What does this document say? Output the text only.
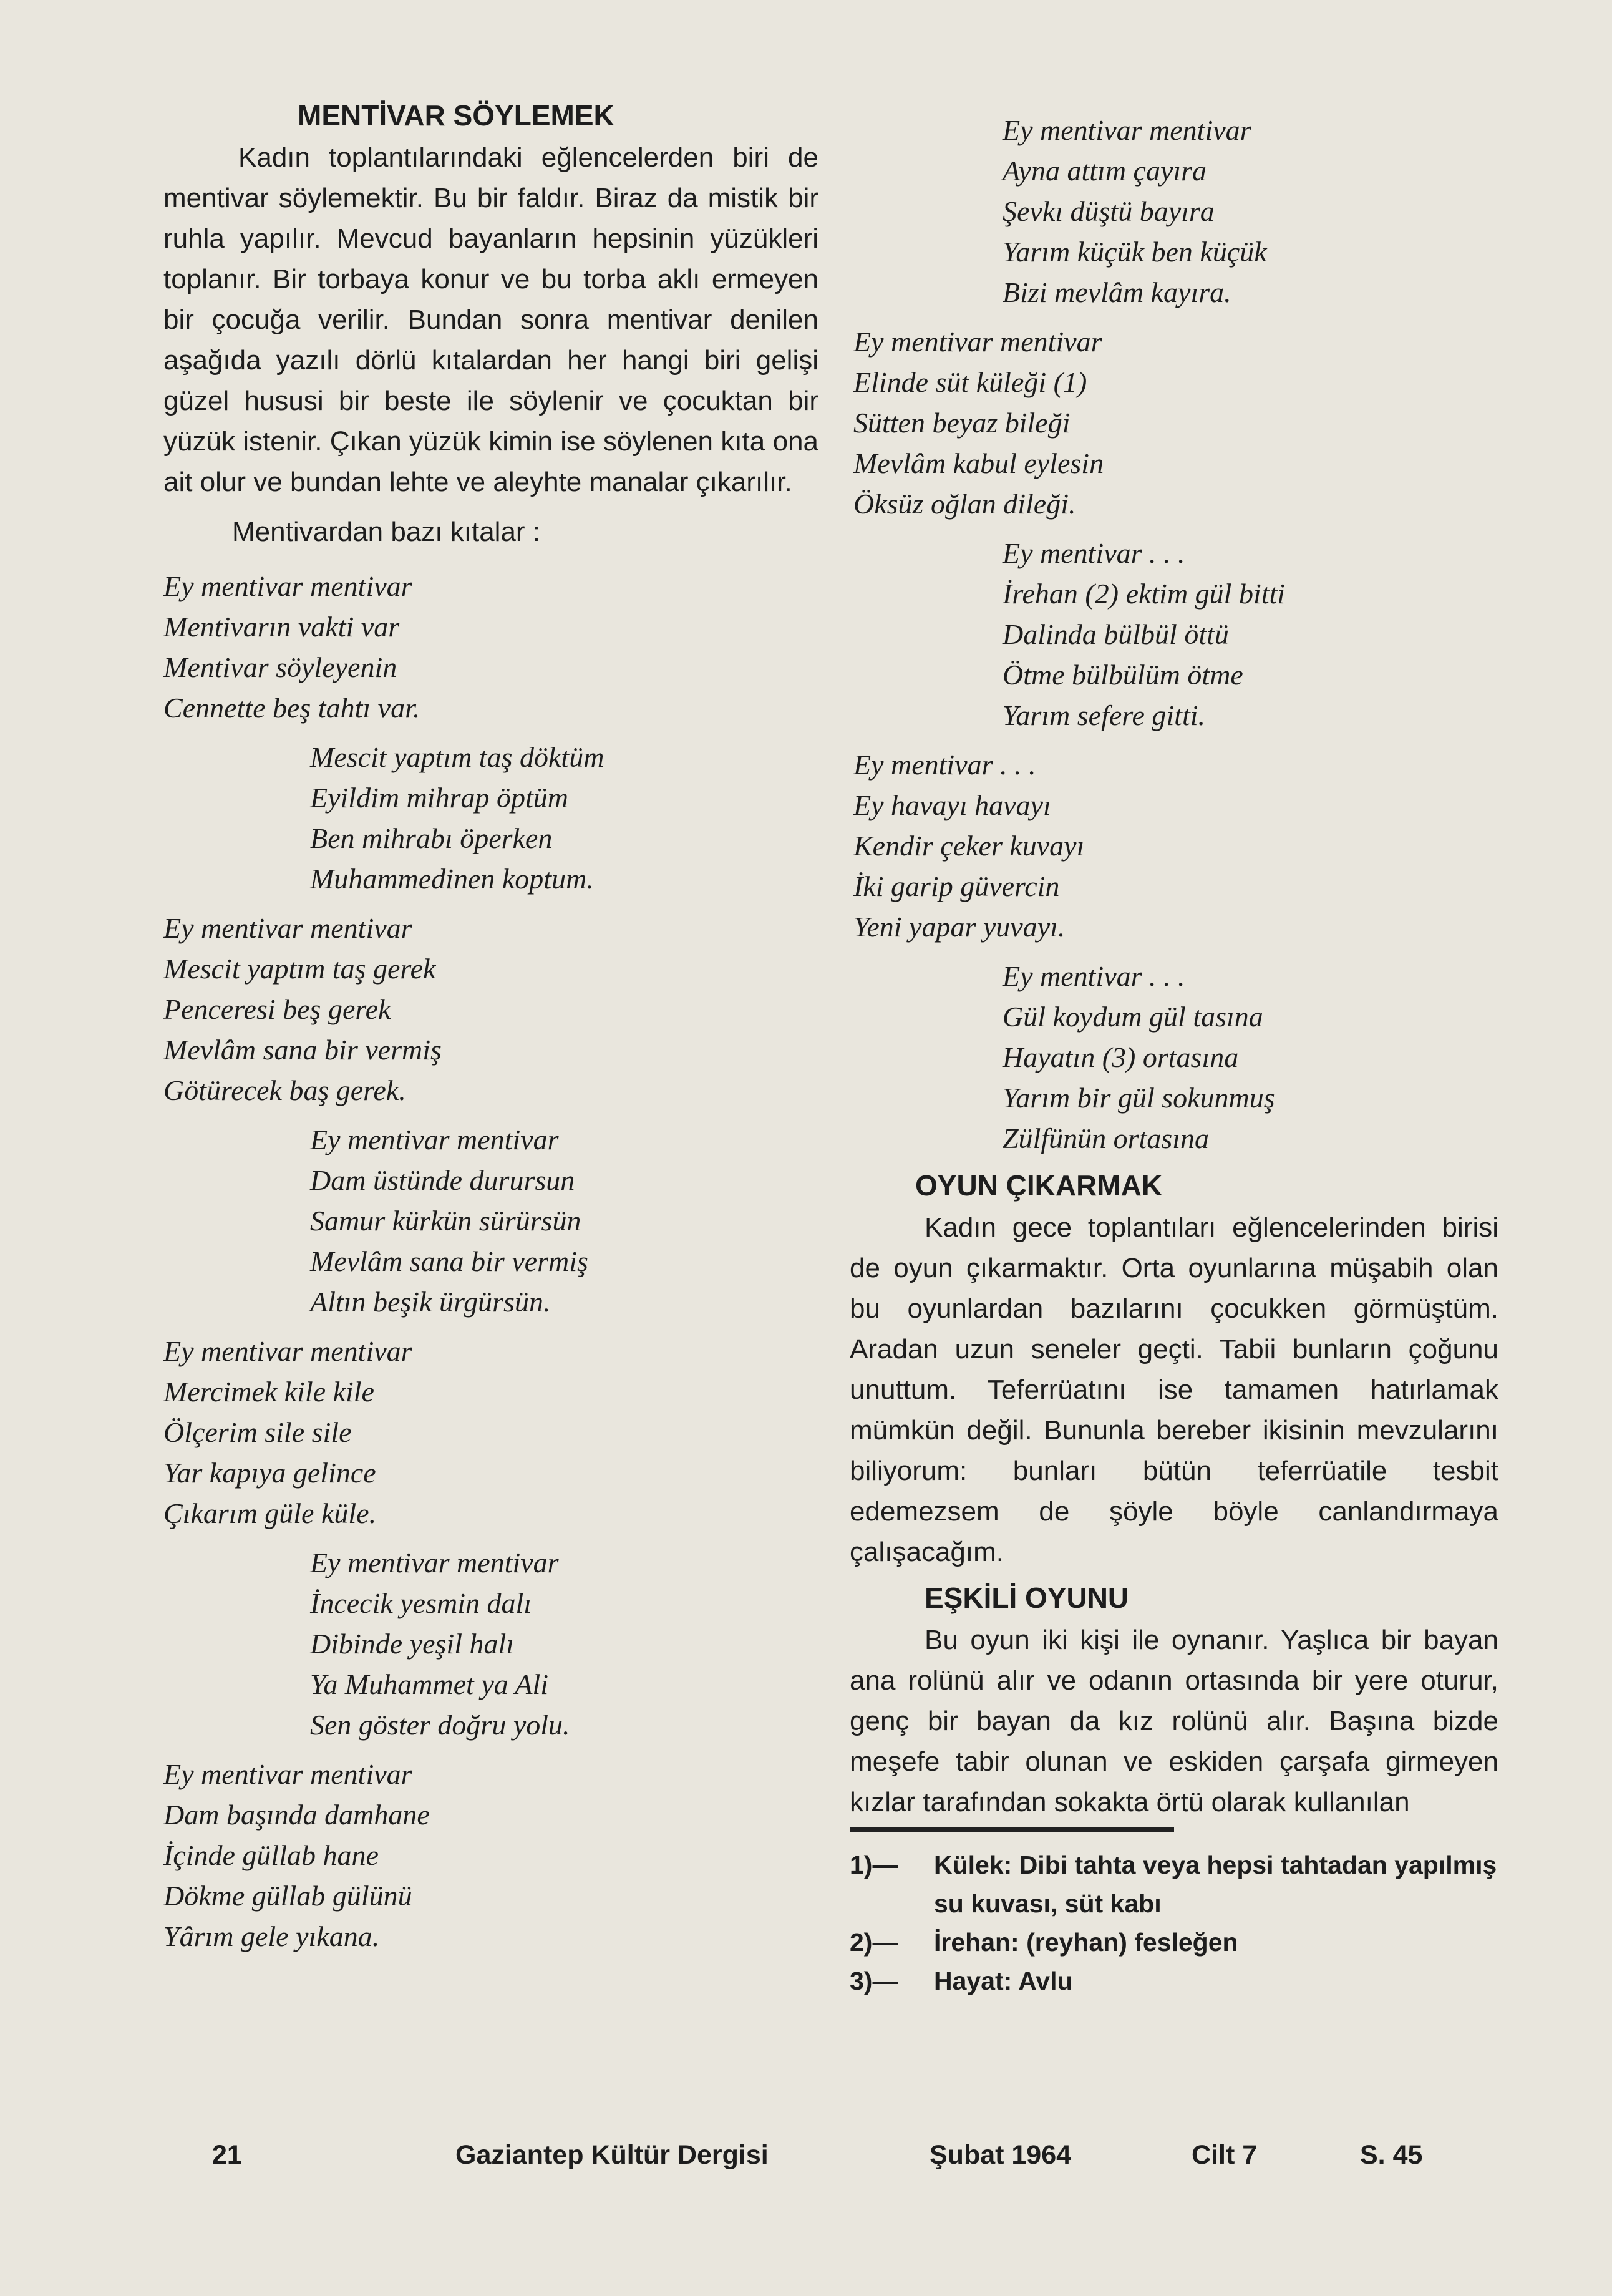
MENTİVAR SÖYLEMEK

Kadın toplantılarındaki eğlencelerden biri de mentivar söylemektir. Bu bir faldır. Biraz da mistik bir ruhla yapılır. Mevcud bayanların hepsinin yüzükleri toplanır. Bir torbaya konur ve bu torba aklı ermeyen bir çocuğa verilir. Bundan sonra mentivar denilen aşağıda yazılı dörlü kıtalardan her hangi biri gelişi güzel hususi bir beste ile söylenir ve çocuktan bir yüzük istenir. Çıkan yüzük kimin ise söylenen kıta ona ait olur ve bundan lehte ve aleyhte manalar çıkarılır.

Mentivardan bazı kıtalar :

Ey mentivar mentivar
Mentivarın vakti var
Mentivar söyleyenin
Cennette beş tahtı var.
Mescit yaptım taş döktüm
Eyildim mihrap öptüm
Ben mihrabı öperken
Muhammedinen koptum.
Ey mentivar mentivar
Mescit yaptım taş gerek
Penceresi beş gerek
Mevlâm sana bir vermiş
Götürecek baş gerek.
Ey mentivar mentivar
Dam üstünde durursun
Samur kürkün sürürsün
Mevlâm sana bir vermiş
Altın beşik ürgürsün.
Ey mentivar mentivar
Mercimek kile kile
Ölçerim sile sile
Yar kapıya gelince
Çıkarım güle küle.
Ey mentivar mentivar
İncecik yesmin dalı
Dibinde yeşil halı
Ya Muhammet ya Ali
Sen göster doğru yolu.
Ey mentivar mentivar
Dam başında damhane
İçinde güllab hane
Dökme güllab gülünü
Yârım gele yıkana.
Ey mentivar mentivar
Ayna attım çayıra
Şevkı düştü bayıra
Yarım küçük ben küçük
Bizi mevlâm kayıra.
Ey mentivar mentivar
Elinde süt küleği (1)
Sütten beyaz bileği
Mevlâm kabul eylesin
Öksüz oğlan dileği.
Ey mentivar . . .
İrehan (2) ektim gül bitti
Dalinda bülbül öttü
Ötme bülbülüm ötme
Yarım sefere gitti.
Ey mentivar . . .
Ey havayı havayı
Kendir çeker kuvayı
İki garip güvercin
Yeni yapar yuvayı.
Ey mentivar . . .
Gül koydum gül tasına
Hayatın (3) ortasına
Yarım bir gül sokunmuş
Zülfünün ortasına
OYUN ÇIKARMAK

Kadın gece toplantıları eğlencelerinden birisi de oyun çıkarmaktır. Orta oyunlarına müşabih olan bu oyunlardan bazılarını çocukken görmüştüm. Aradan uzun seneler geçti. Tabii bunların çoğunu unuttum. Teferrüatını ise tamamen hatırlamak mümkün değil. Bununla bereber ikisinin mevzularını biliyorum: bunları bütün teferrüatile tesbit edemezsem de şöyle böyle canlandırmaya çalışacağım.

EŞKİLİ OYUNU

Bu oyun iki kişi ile oynanır. Yaşlıca bir bayan ana rolünü alır ve odanın ortasında bir yere oturur, genç bir bayan da kız rolünü alır. Başına bizde meşefe tabir olunan ve eskiden çarşafa girmeyen kızlar tarafından sokakta örtü olarak kullanılan

1)—	Külek: Dibi tahta veya hepsi tahtadan yapılmış su kuvası, süt kabı
2)—	İrehan: (reyhan) fesleğen
3)—	Hayat: Avlu
21	Gaziantep Kültür Dergisi	Şubat 1964	Cilt 7	S. 45
